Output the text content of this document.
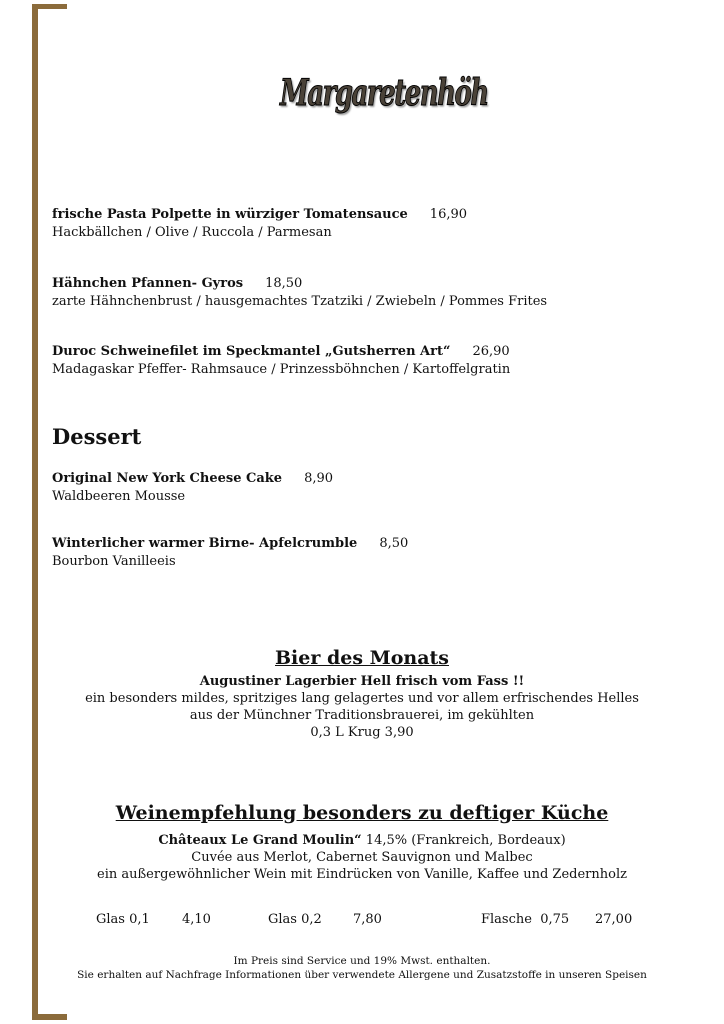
Margaretenhöh
frische Pasta Polpette in würziger Tomatensauce 16,90
Hackbällchen / Olive / Ruccola / Parmesan
Hähnchen Pfannen- Gyros 18,50
zarte Hähnchenbrust / hausgemachtes Tzatziki / Zwiebeln / Pommes Frites
Duroc Schweinefilet im Speckmantel „Gutsherren Art“ 26,90
Madagaskar Pfeffer- Rahmsauce / Prinzessböhnchen / Kartoffelgratin
Dessert
Original New York Cheese Cake 8,90
Waldbeeren Mousse
Winterlicher warmer Birne- Apfelcrumble 8,50
Bourbon Vanilleeis
Bier des Monats
Augustiner Lagerbier Hell frisch vom Fass !!
ein besonders mildes, spritziges lang gelagertes und vor allem erfrischendes Helles
aus der Münchner Traditionsbrauerei, im gekühlten
0,3 L Krug 3,90
Weinempfehlung besonders zu deftiger Küche
Châteaux Le Grand Moulin“ 14,5% (Frankreich, Bordeaux)
Cuvée aus Merlot, Cabernet Sauvignon und Malbec
ein außergewöhnlicher Wein mit Eindrücken von Vanille, Kaffee und Zedernholz
Glas 0,1 4,10	Glas 0,2 7,80	Flasche  0,75 27,00
Im Preis sind Service und 19% Mwst. enthalten.
Sie erhalten auf Nachfrage Informationen über verwendete Allergene und Zusatzstoffe in unseren Speisen
